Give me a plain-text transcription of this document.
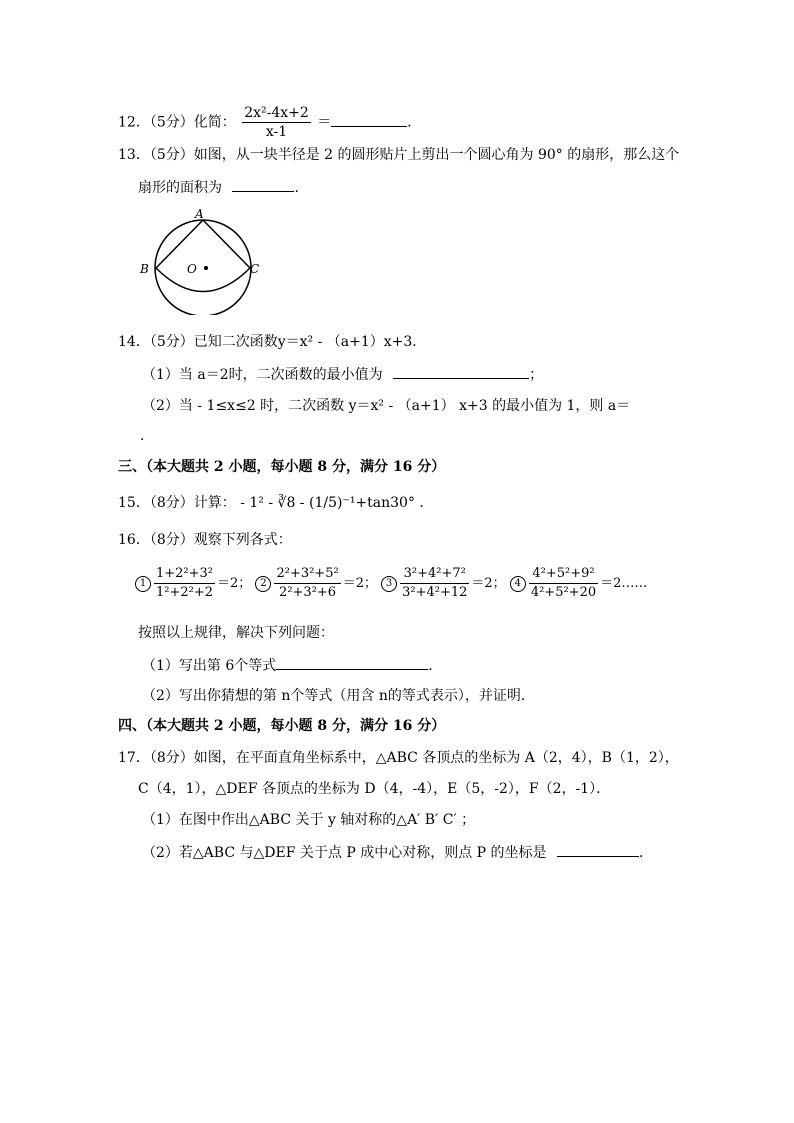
12．（5分）化简： $\frac{\text{2x²-4x+2}}{x-1}$ ＝	．
13．（5分）如图，从一块半径是 2 的圆形贴片上剪出一个圆心角为 90° 的扇形，那么这个
扇形的面积为	．
A
B	C
O
14．（5分）已知二次函数y＝x² - （a+1）x+3．
（1）当 a＝2时，二次函数的最小值为	；
（2）当 - 1≤x≤2 时，二次函数 y＝x² - （a+1） x+3 的最小值为 1，则 a＝
．
三、（本大题共 2 小题，每小题 8 分，满分 16 分）
15．（8分）计算： - 1² - ∛8 - (1/5)⁻¹+tan30° ．
16．（8分）观察下列各式：
$1 \frac{\text{1+2²+3²}}{\text{1²+2²+2}} =2$； $2 \frac{\text{2²+3²+5²}}{\text{2²+3²+6}} =2$； $3 \frac{\text{3²+4²+7²}}{\text{3²+4²+12}} =2$； $4 \frac{\text{4²+5²+9²}}{\text{4²+5²+20}}$ ＝2……
按照以上规律，解决下列问题：
（1）写出第 6个等式	．
（2）写出你猜想的第 n个等式（用含 n的等式表示），并证明．
四、（本大题共 2 小题，每小题 8 分，满分 16 分）
17．（8分）如图，在平面直角坐标系中，△ABC 各顶点的坐标为 A（2，4），B（1，2），
C（4，1），△DEF 各顶点的坐标为 D（4，-4），E（5，-2），F（2，-1）．
（1）在图中作出△ABC 关于 y 轴对称的△A′ B′ C′ ；
（2）若△ABC 与△DEF 关于点 P 成中心对称，则点 P 的坐标是	．
